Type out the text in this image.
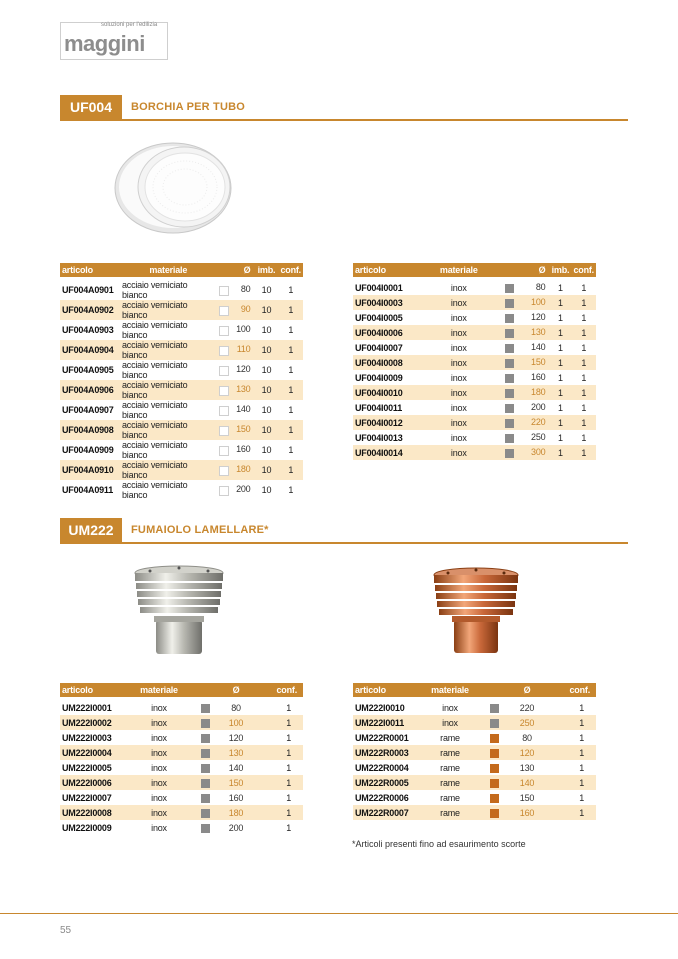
soluzioni per l'edilizia
maggini
UF004	BORCHIA PER TUBO
articolo	materiale	Ø	imb.	conf.

UF004A0901	acciaio verniciato bianco	80	10	1
UF004A0902	acciaio verniciato bianco	90	10	1
UF004A0903	acciaio verniciato bianco	100	10	1
UF004A0904	acciaio verniciato bianco	110	10	1
UF004A0905	acciaio verniciato bianco	120	10	1
UF004A0906	acciaio verniciato bianco	130	10	1
UF004A0907	acciaio verniciato bianco	140	10	1
UF004A0908	acciaio verniciato bianco	150	10	1
UF004A0909	acciaio verniciato bianco	160	10	1
UF004A0910	acciaio verniciato bianco	180	10	1
UF004A0911	acciaio verniciato bianco	200	10	1
articolo	materiale	Ø	imb.	conf.

UF004I0001	inox	80	1	1
UF004I0003	inox	100	1	1
UF004I0005	inox	120	1	1
UF004I0006	inox	130	1	1
UF004I0007	inox	140	1	1
UF004I0008	inox	150	1	1
UF004I0009	inox	160	1	1
UF004I0010	inox	180	1	1
UF004I0011	inox	200	1	1
UF004I0012	inox	220	1	1
UF004I0013	inox	250	1	1
UF004I0014	inox	300	1	1
UM222	FUMAIOLO LAMELLARE*
articolo	materiale		Ø	conf.

UM222I0001	inox		80	1
UM222I0002	inox		100	1
UM222I0003	inox		120	1
UM222I0004	inox		130	1
UM222I0005	inox		140	1
UM222I0006	inox		150	1
UM222I0007	inox		160	1
UM222I0008	inox		180	1
UM222I0009	inox		200	1
articolo	materiale		Ø	conf.

UM222I0010	inox		220	1
UM222I0011	inox		250	1
UM222R0001	rame		80	1
UM222R0003	rame		120	1
UM222R0004	rame		130	1
UM222R0005	rame		140	1
UM222R0006	rame		150	1
UM222R0007	rame		160	1
*Articoli presenti fino ad esaurimento scorte
55
